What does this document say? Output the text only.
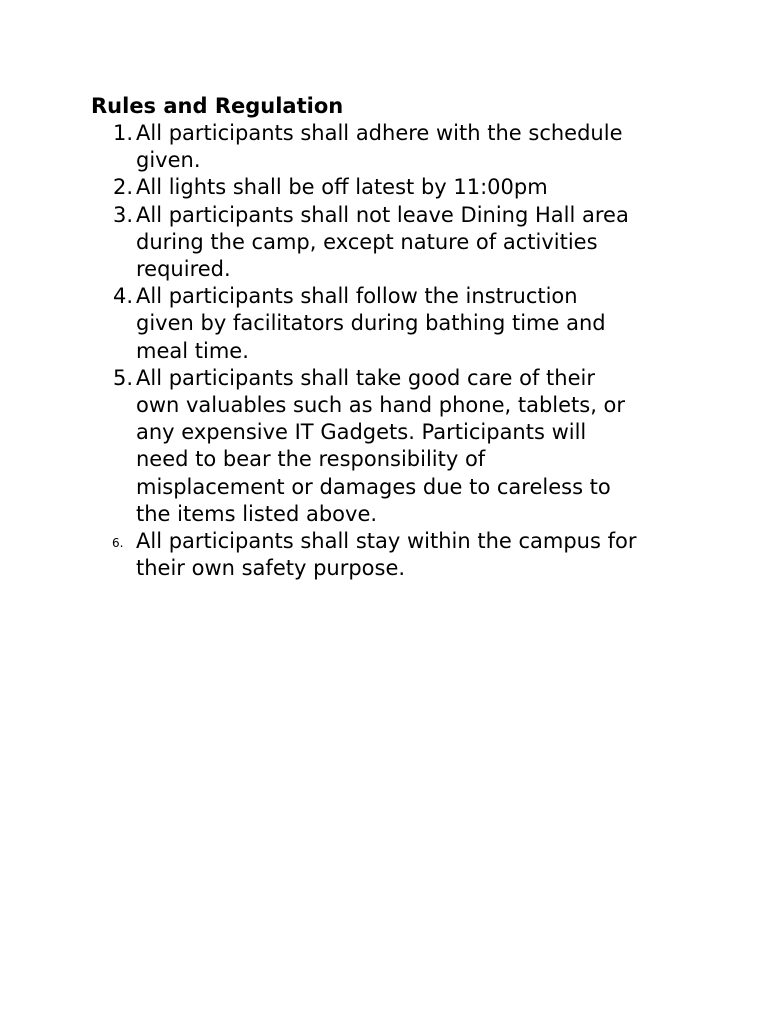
Rules and Regulation
1. All participants shall adhere with the schedule
given.
2. All lights shall be off latest by 11:00pm
3. All participants shall not leave Dining Hall area
during the camp, except nature of activities
required.
4. All participants shall follow the instruction
given by facilitators during bathing time and
meal time.
5. All participants shall take good care of their
own valuables such as hand phone, tablets, or
any expensive IT Gadgets. Participants will
need to bear the responsibility of
misplacement or damages due to careless to
the items listed above.
6. All participants shall stay within the campus for
their own safety purpose.
